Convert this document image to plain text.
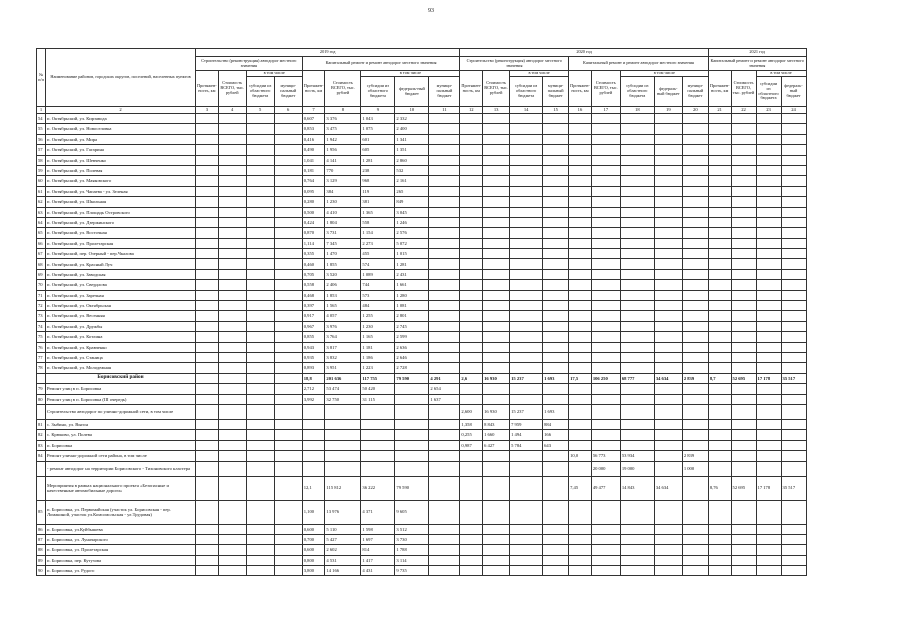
93
№ п/п	Наименование районов, городских округов, поселений, населенных пунктов	2019 год									2020 год									2021 год			
		Строительство (реконструкция) автодорог местного значения				Капитальный ремонт и ремонт автодорог местного значения					Строительство (реконструкция) автодорог местного значения				Капитальный ремонт и ремонт автодорог местного значения					Капитальный ремонт и ремонт автодорог местного значения			
		Протяжен-ность, км	Стоимость ВСЕГО, тыс. рублей	в том числе		Протяжен-ность, км	Стоимость ВСЕГО, тыс. рублей	в том числе			Протяжен-ность, км	Стоимость ВСЕГО, тыс. рублей	в том числе		Протяжен-ность, км	Стоимость ВСЕГО, тыс. рублей	в том числе			Протяжен-ность, км	Стоимость ВСЕГО, тыс. рублей	в том числе	
				субсидии из областного бюджета	муници-пальный бюджет			субсидии из областного бюджета	федераль-ный бюджет	муници-пальный бюджет			субсидии из областного бюджета	муници-пальный бюджет			субсидии из областного бюджета	федераль-ный бюджет	муници-пальный бюджет			субсидии из областного бюджета	федераль-ный бюджет
1	2	3	4	5	6	7	8	9	10	11	12	13	14	15	16	17	18	19	20	21	22	23	24
54	п. Октябрьский, ул. Кирзавода					0,607	3 376	1 043	2 332														
55	п. Октябрьский, ул. Новоселовка					0,853	3 475	1 075	2 400														
56	п. Октябрьский, ул. Мира					0,416	1 942	601	1 341														
57	п. Октябрьский, ул. Гагарина					0,490	1 956	605	1 351														
58	п. Октябрьский, ул. Шевченко					1,041	4 141	1 281	2 860														
59	п. Октябрьский, ул. Полевая					0,181	770	238	532														
60	п. Октябрьский, ул. Маяковского					0,764	3 129	968	2 161														
61	п. Октябрьский, ул. Чапаева - ул. Зеленая					0,095	384	119	265														
62	п. Октябрьский, ул. Школьная					0,280	1 230	381	849														
63	п. Октябрьский, ул. Площадь Островского					0,500	4 410	1 365	3 045														
64	п. Октябрьский, ул. Дзержинского					0,424	1 804	558	1 246														
65	п. Октябрьский, ул. Восточная					0,870	3 731	1 154	2 576														
66	п. Октябрьский, ул. Пролетарская					1,114	7 345	2 273	5 072														
67	п. Октябрьский, пер. Озерный - пер.Чкалова					0,355	1 470	455	1 015														
68	п. Октябрьский, ул. Красный Луч					0,460	1 855	574	1 281														
69	п. Октябрьский, ул. Заводская					0,705	3 520	1 089	2 431														
70	п. Октябрьский, ул. Свердлова					0,558	2 406	744	1 661														
71	п. Октябрьский, ул. Заречная					0,468	1 853	573	1 280														
72	п. Октябрьский, ул. Октябрьская					0,397	1 565	484	1 081														
73	п. Октябрьский, ул. Весенняя					0,917	4 057	1 255	2 801														
74	п. Октябрьский, ул. Дружбы					0,967	3 976	1 230	2 745														
75	п. Октябрьский, ул. Котлина					0,855	3 764	1 165	2 599														
76	п. Октябрьский, ул. Кравченко					0,943	3 817	1 181	2 636														
77	п. Октябрьский, ул. Станица					0,935	3 832	1 186	2 646														
78	п. Октябрьский, ул. Молодежная					0,893	3 951	1 223	2 728														
	Борисовский район					18,8	201 636	117 755	79 590	4 291	2,6	16 930	15 237	1 693	17,5	106 250	68 777	34 634	2 839	8,7	52 695	17 178	35 517
79	Ремонт улиц в п. Борисовка					2,712	53 474	50 420		2 654													
80	Ремонт улиц в п. Борисовка (III очередь)					3,992	32 750	31 115		1 637													
	Строительство автодорог по улично-дорожной сети, в том числе										2,600	16 930	15 237	1 693									
81	с. Зыбино, ул. Выгон										1,358	8 843	7 959	884									
82	с. Крюково, ул. Полева										0,255	1 660	1 494	166									
83	п. Борисовка										0,987	6 427	5 784	643									
84	Ремонт улично-дорожной сети района, в том числе														10,0	56 773	53 934		2 839				
	- ремонт автодорог на территории Борисовского - Тихоновского кластера															20 000	19 000		1 000				
	Мероприятия в рамках национального проекта «Безопасные и качественные автомобильные дороги»					12,1	115 812	36 222	79 590						7,45	49 477	14 843	34 634		8,76	52 695	17 178	35 517
85	п. Борисовка, ул. Первомайская (участок ул. Борисовская - пер. Ломакиной, участок ул.Комсомольская - ул.Трудовая)					1,100	13 976	4 371	9 605														
86	п. Борисовка, ул.Куйбышева					0,600	5 110	1 598	3 512														
87	п. Борисовка, ул. Луначарского					0,700	5 427	1 697	3 730														
88	п. Борисовка, ул. Пролетарская					0,600	2 602	814	1 788														
89	п. Борисовка, пер. Кутузова					0,800	4 531	1 417	3 114														
90	п. Борисовка, ул. Рудого					3,800	14 166	4 431	9 735														
